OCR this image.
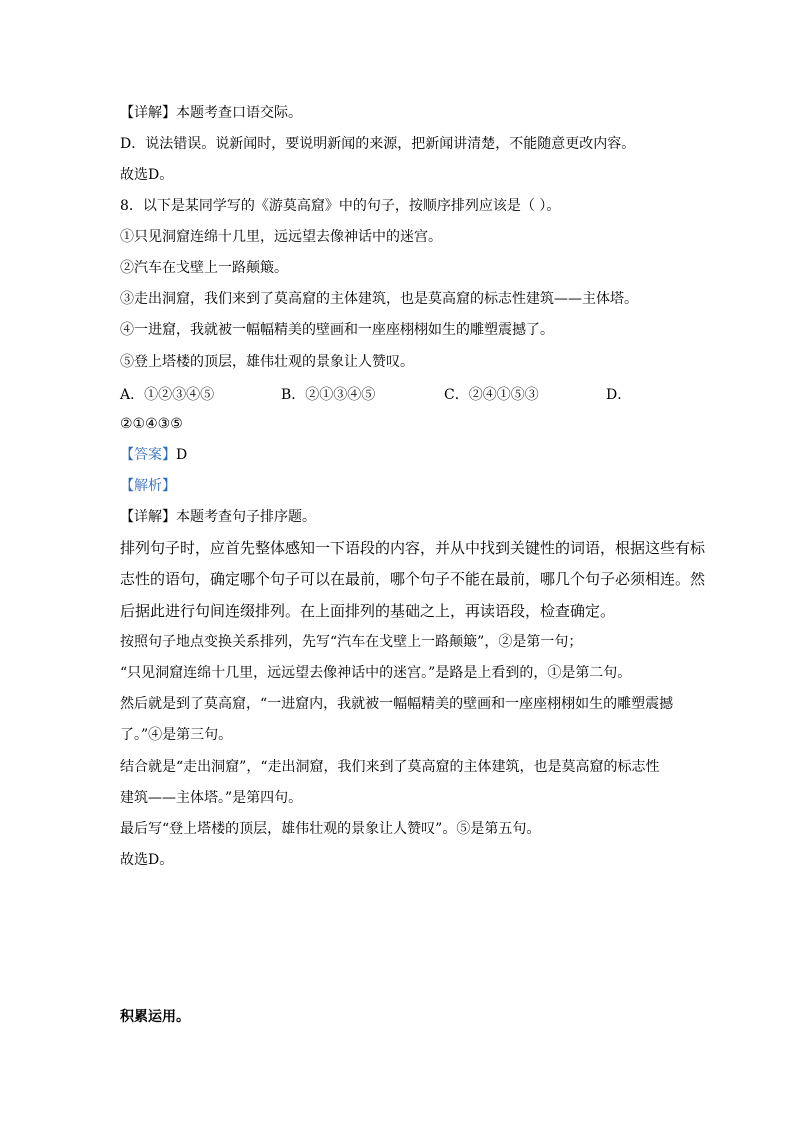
【详解】本题考查口语交际。
D．说法错误。说新闻时，要说明新闻的来源，把新闻讲清楚，不能随意更改内容。
故选D。
8．以下是某同学写的《游莫高窟》中的句子，按顺序排列应该是（ ）。
①只见洞窟连绵十几里，远远望去像神话中的迷宫。
②汽车在戈壁上一路颠簸。
③走出洞窟，我们来到了莫高窟的主体建筑，也是莫高窟的标志性建筑——主体塔。
④一进窟，我就被一幅幅精美的壁画和一座座栩栩如生的雕塑震撼了。
⑤登上塔楼的顶层，雄伟壮观的景象让人赞叹。
A．①②③④⑤	B．②①③④⑤	C．②④①⑤③	D．
②①④③⑤
【答案】D
【解析】
【详解】本题考查句子排序题。
排列句子时，应首先整体感知一下语段的内容，并从中找到关键性的词语，根据这些有标
志性的语句，确定哪个句子可以在最前，哪个句子不能在最前，哪几个句子必须相连。然
后据此进行句间连缀排列。在上面排列的基础之上，再读语段，检查确定。
按照句子地点变换关系排列，先写“汽车在戈壁上一路颠簸”，②是第一句；
“只见洞窟连绵十几里，远远望去像神话中的迷宫。”是路是上看到的，①是第二句。
然后就是到了莫高窟，“一进窟内，我就被一幅幅精美的壁画和一座座栩栩如生的雕塑震撼
了。”④是第三句。
结合就是“走出洞窟”，“走出洞窟，我们来到了莫高窟的主体建筑，也是莫高窟的标志性
建筑——主体塔。”是第四句。
最后写“登上塔楼的顶层，雄伟壮观的景象让人赞叹”。⑤是第五句。
故选D。
积累运用。
